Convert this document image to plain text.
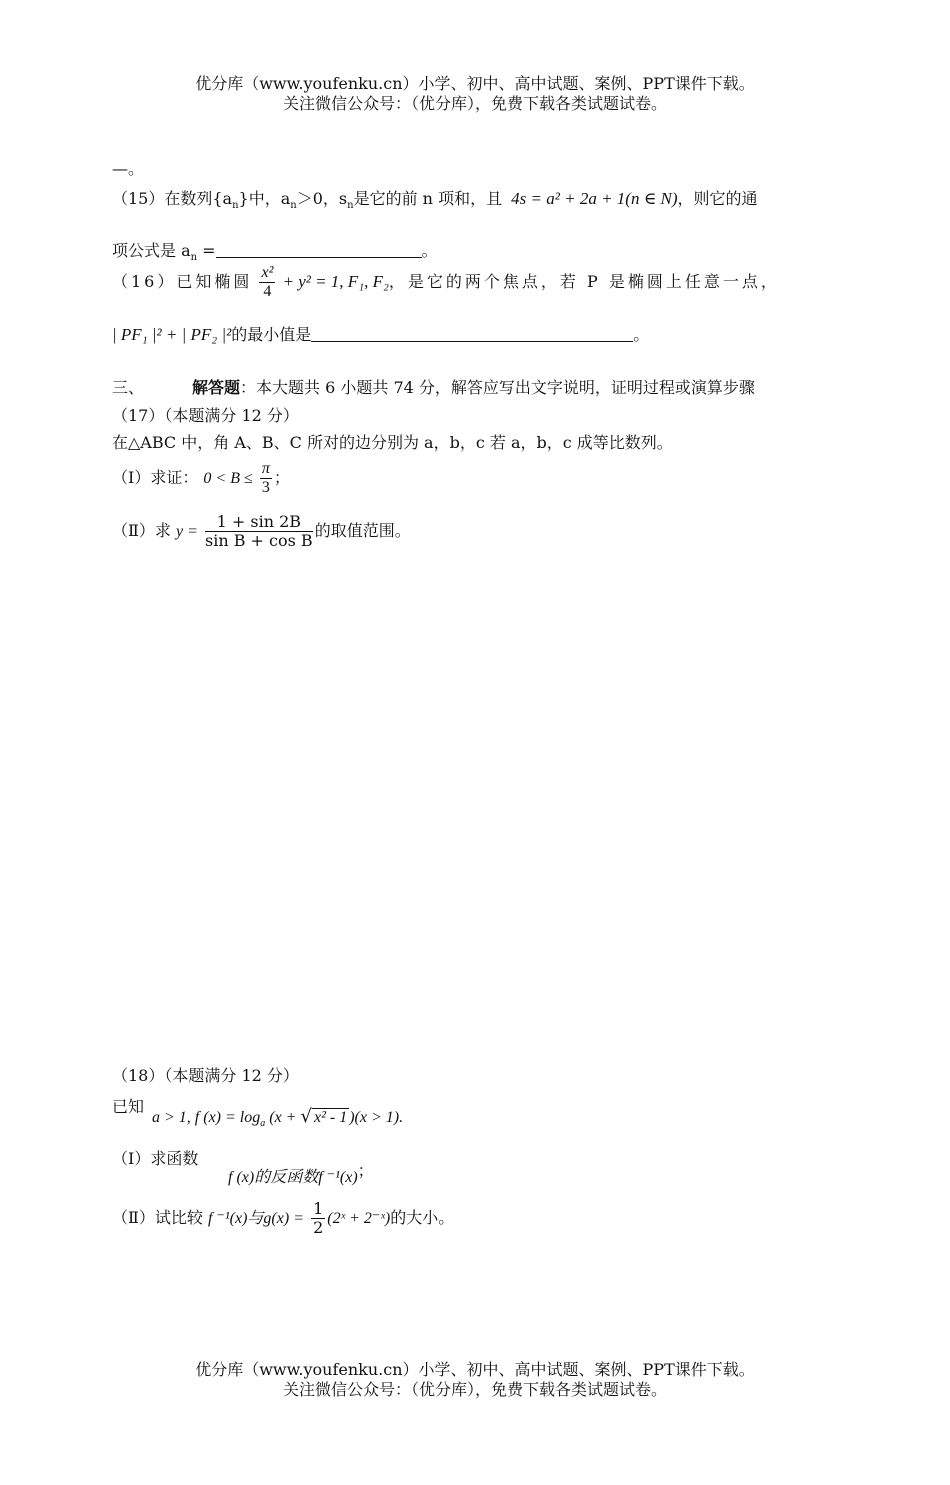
优分库（www.youfenku.cn）小学、初中、高中试题、案例、PPT课件下载。
关注微信公众号：（优分库），免费下载各类试题试卷。
—。
（15）在数列$\{a_n\}$中，$a_n>0$，$s_n$是它的前 n 项和，且 4s = a² + 2a + 1(n ∈ N)，则它的通
项公式是 $a_n$ =	。
（16）已知椭圆 $\frac{\text{x²}}{4} + y^2 = 1$, F₁, F₂，是它的两个焦点，若 P 是椭圆上任意一点，
| PF₁ |² + | PF₂ |²的最小值是	。
三、	解答题：本大题共 6 小题共 74 分，解答应写出文字说明，证明过程或演算步骤
（17）（本题满分 12 分）
在△ABC 中，角 A、B、C 所对的边分别为 a，b，c 若 a，b，c 成等比数列。
（Ⅰ）求证： $0 < B \le \frac{\pi}{3}$ ；
（Ⅱ）求 $y = \frac{1 + \sin 2B}{\text{sin B + cos B}}$ 的取值范围。
（18）（本题满分 12 分）
已知
a > 1, f $(x) = \log_a (x$ + √ x² - 1 )(x > 1).
（Ⅰ）求函数
f (x)的反函数f ⁻¹(x)；
（Ⅱ）试比较 f ⁻¹(x)与$g(x) = \frac{1}{2}$ (2ˣ + 2⁻ˣ)的大小。
优分库（www.youfenku.cn）小学、初中、高中试题、案例、PPT课件下载。
关注微信公众号：（优分库），免费下载各类试题试卷。
